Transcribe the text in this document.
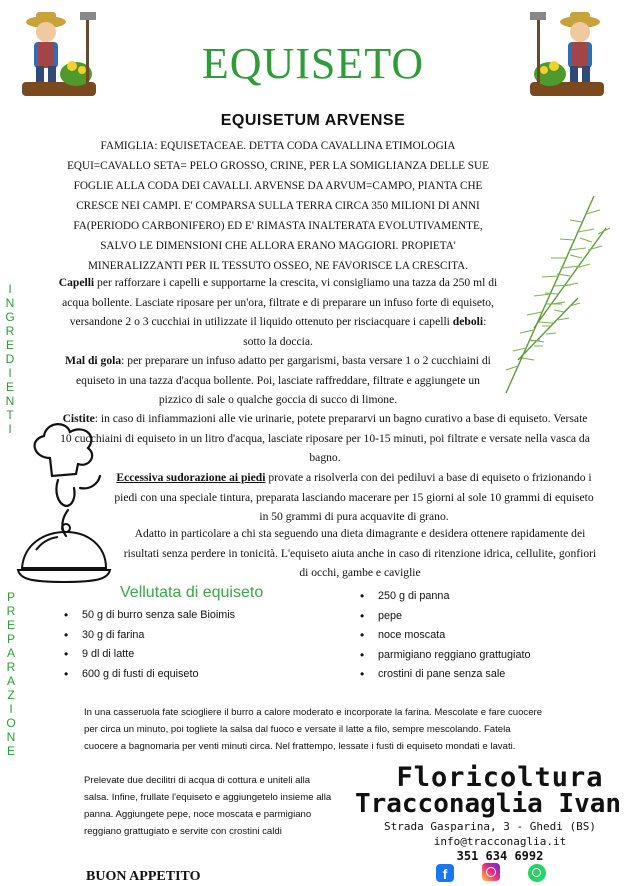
EQUISETO
EQUISETUM ARVENSE
FAMIGLIA: EQUISETACEAE. DETTA CODA CAVALLINA ETIMOLOGIA EQUI=CAVALLO SETA= PELO GROSSO, CRINE, PER LA SOMIGLIANZA DELLE SUE FOGLIE ALLA CODA DEI CAVALLI. ARVENSE DA ARVUM=CAMPO, PIANTA CHE CRESCE NEI CAMPI. E' COMPARSA SULLA TERRA CIRCA 350 MILIONI DI ANNI FA(PERIODO CARBONIFERO) ED E' RIMASTA INALTERATA EVOLUTIVAMENTE, SALVO LE DIMENSIONI CHE ALLORA ERANO MAGGIORI. PROPIETA' MINERALIZZANTI PER IL TESSUTO OSSEO, NE FAVORISCE LA CRESCITA.
I
N
G
R
E
D
I
E
N
T
I
P
R
E
P
A
R
A
Z
I
O
N
E
Capelli per rafforzare i capelli e supportarne la crescita, vi consigliamo una tazza da 250 ml di acqua bollente. Lasciate riposare per un'ora, filtrate e di preparare un infuso forte di equiseto, versandone 2 o 3 cucchiai in utilizzate il liquido ottenuto per risciacquare i capelli deboli: sotto la doccia.
Mal di gola: per preparare un infuso adatto per gargarismi, basta versare 1 o 2 cucchiaini di equiseto in una tazza d'acqua bollente. Poi, lasciate raffreddare, filtrate e aggiungete un pizzico di sale o qualche goccia di succo di limone.
Cistite: in caso di infiammazioni alle vie urinarie, potete prepararvi un bagno curativo a base di equiseto. Versate 10 cucchiaini di equiseto in un litro d'acqua, lasciate riposare per 10-15 minuti, poi filtrate e versate nella vasca da bagno.
Eccessiva sudorazione ai piedi provate a risolverla con dei pediluvi a base di equiseto o frizionando i piedi con una speciale tintura, preparata lasciando macerare per 15 giorni al sole 10 grammi di equiseto in 50 grammi di pura acquavite di grano.
Adatto in particolare a chi sta seguendo una dieta dimagrante e desidera ottenere rapidamente dei risultati senza perdere in tonicità. L'equiseto aiuta anche in caso di ritenzione idrica, cellulite, gonfiori di occhi, gambe e caviglie
Vellutata di equiseto
• 50 g di burro senza sale Bioimis
• 30 g di farina
• 9 dl di latte
• 600 g di fusti di equiseto
• 250 g di panna
• pepe
• noce moscata
• parmigiano reggiano grattugiato
• crostini di pane senza sale
In una casseruola fate sciogliere il burro a calore moderato e incorporate la farina. Mescolate e fare cuocere per circa un minuto, poi togliete la salsa dal fuoco e versate il latte a filo, sempre mescolando. Fatela cuocere a bagnomaria per venti minuti circa. Nel frattempo, lessate i fusti di equiseto mondati e lavati.
Prelevate due decilitri di acqua di cottura e uniteli alla salsa. Infine, frullate l'equiseto e aggiungetelo insieme alla panna. Aggiungete pepe, noce moscata e parmigiano reggiano grattugiato e servite con crostini caldi
Floricoltura
Tracconaglia Ivan
Strada Gasparina, 3 - Ghedi (BS)
info@tracconaglia.it
351 634 6992
BUON APPETITO	f
